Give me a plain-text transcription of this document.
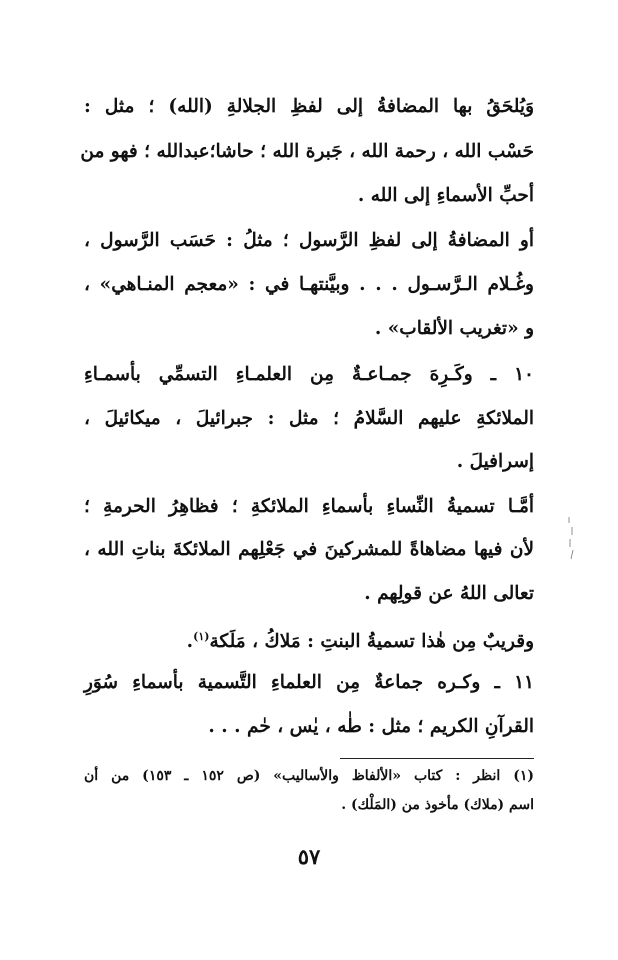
وَيُلحَقُ بها المضافةُ إلى لفظِ الجلالةِ (الله) ؛ مثل :
حَسْب الله ، رحمة الله ، جَبرة الله ؛ حاشا؛عبدالله ؛ فهو من
أحبِّ الأسماءِ إلى الله .
أو المضافةُ إلى لفظِ الرَّسول ؛ مثلُ : حَسَب الرَّسول ،
وغُـلام الـرَّسـول . . . وبيَّنتهـا في : «معجم المنـاهي» ،
و «تغريب الألقاب» .
١٠ ـ وكَـرِهَ جمـاعـةٌ مِن العلمـاءِ التسمِّي بأسمـاءِ
الملائكةِ عليهم السَّلامُ ؛ مثل : جبرائيلَ ، ميكائيلَ ،
إسرافيلَ .
أمَّـا تسميةُ النِّساءِ بأسماءِ الملائكةِ ؛ فظاهِرُ الحرمةِ ؛
لأن فيها مضاهاةً للمشركينَ في جَعْلِهم الملائكةَ بناتِ الله ،
تعالى اللهُ عن قولِهم .
وقريبٌ مِن هٰذا تسميةُ البنتِ : مَلاكُ ، مَلَكة$^{(١)}$.
١١ ـ وكـره جماعةٌ مِن العلماءِ التَّسمية بأسماءِ سُوَرِ
القرآنِ الكريم ؛ مثل : طٰه ، يٰس ، حٰم . . .
(١) انظر : كتاب «الألفاظ والأساليب» (ص ١٥٢ ـ ١٥٣) من أن
اسم (ملاك) مأخوذ من (المَلْك) .
٥٧
